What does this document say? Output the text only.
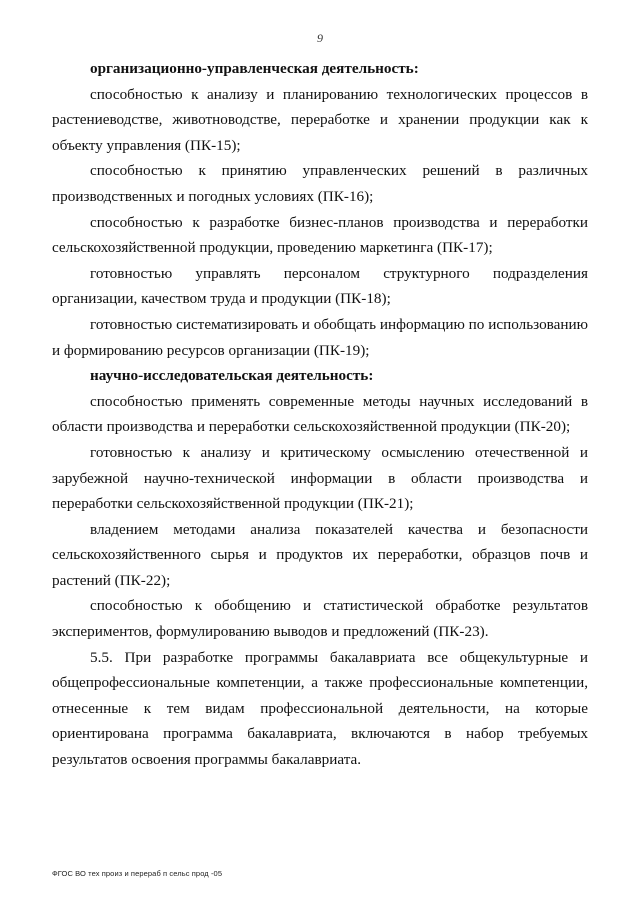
9

организационно-управленческая деятельность:

способностью к анализу и планированию технологических процессов в растениеводстве, животноводстве, переработке и хранении продукции как к объекту управления (ПК-15);

способностью к принятию управленческих решений в различных производственных и погодных условиях (ПК-16);

способностью к разработке бизнес-планов производства и переработки сельскохозяйственной продукции, проведению маркетинга (ПК-17);

готовностью управлять персоналом структурного подразделения организации, качеством труда и продукции (ПК-18);

готовностью систематизировать и обобщать информацию по использованию и формированию ресурсов организации (ПК-19);

научно-исследовательская деятельность:

способностью применять современные методы научных исследований в области производства и переработки сельскохозяйственной продукции (ПК-20);

готовностью к анализу и критическому осмыслению отечественной и зарубежной научно-технической информации в области производства и переработки сельскохозяйственной продукции (ПК-21);

владением методами анализа показателей качества и безопасности сельскохозяйственного сырья и продуктов их переработки, образцов почв и растений (ПК-22);

способностью к обобщению и статистической обработке результатов экспериментов, формулированию выводов и предложений (ПК-23).

5.5. При разработке программы бакалавриата все общекультурные и общепрофессиональные компетенции, а также профессиональные компетенции, отнесенные к тем видам профессиональной деятельности, на которые ориентирована программа бакалавриата, включаются в набор требуемых результатов освоения программы бакалавриата.

ФГОС ВО тех произ и перераб п сельс прод -05
